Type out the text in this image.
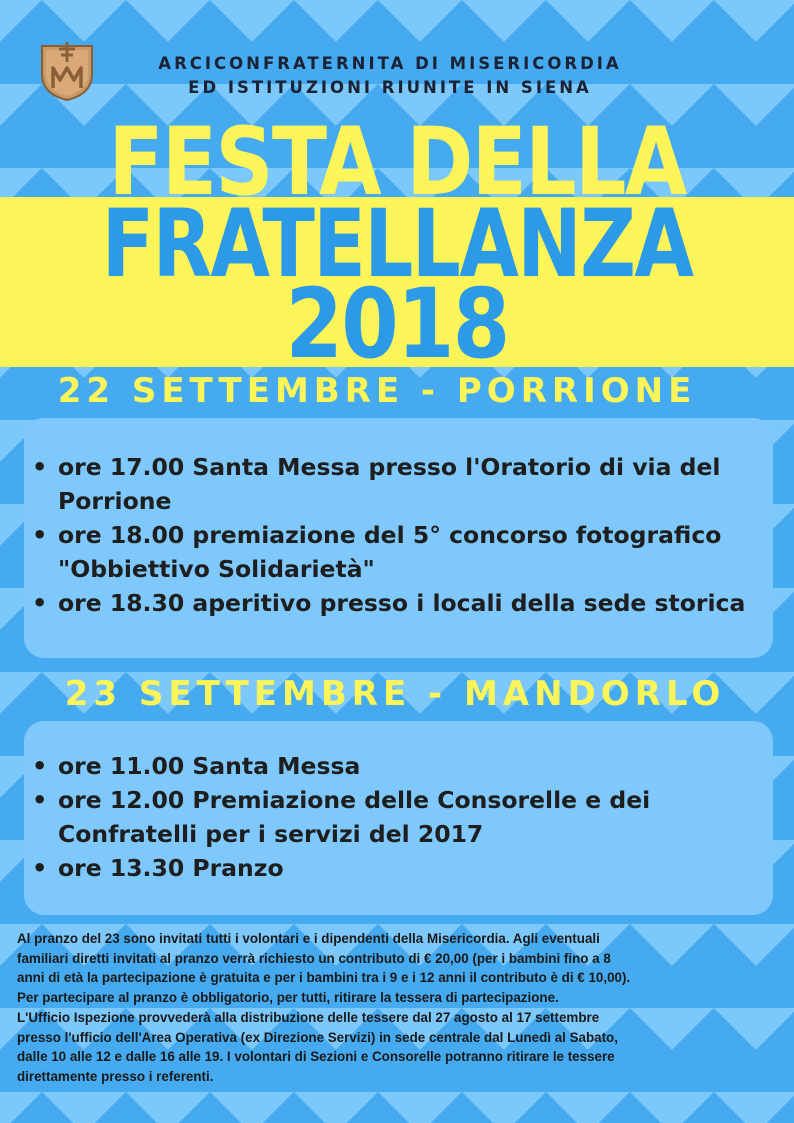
ARCICONFRATERNITA DI MISERICORDIA
ED ISTITUZIONI RIUNITE IN SIENA
FESTA DELLA
FRATELLANZA
2018
22 SETTEMBRE - PORRIONE
• ore 17.00 Santa Messa presso l'Oratorio di via del
Porrione
• ore 18.00 premiazione del 5° concorso fotografico
"Obbiettivo Solidarietà"
• ore 18.30 aperitivo presso i locali della sede storica
23 SETTEMBRE - MANDORLO
• ore 11.00 Santa Messa
• ore 12.00 Premiazione delle Consorelle e dei
Confratelli per i servizi del 2017
• ore 13.30 Pranzo

Al pranzo del 23 sono invitati tutti i volontari e i dipendenti della Misericordia. Agli eventuali

familiari diretti invitati al pranzo verrà richiesto un contributo di € 20,00 (per i bambini fino a 8

anni di età la partecipazione è gratuita e per i bambini tra i 9 e i 12 anni il contributo è di € 10,00).

Per partecipare al pranzo è obbligatorio, per tutti, ritirare la tessera di partecipazione.

L'Ufficio Ispezione provvederà alla distribuzione delle tessere dal 27 agosto al 17 settembre

presso l'ufficio dell'Area Operativa (ex Direzione Servizi) in sede centrale dal Lunedì al Sabato,

dalle 10 alle 12 e dalle 16 alle 19. I volontari di Sezioni e Consorelle potranno ritirare le tessere

direttamente presso i referenti.
